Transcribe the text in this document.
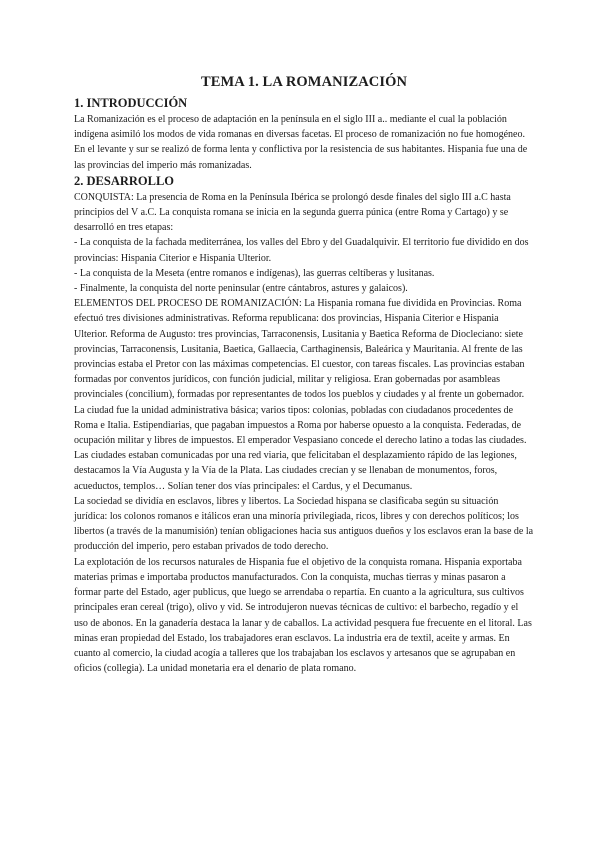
TEMA 1. LA ROMANIZACIÓN
1. INTRODUCCIÓN

La Romanización es el proceso de adaptación en la península en el siglo III a.. mediante el cual la población indígena asimiló los modos de vida romanas en diversas facetas. El proceso de romanización no fue homogéneo. En el levante y sur se realizó de forma lenta y conflictiva por la resistencia de sus habitantes. Hispania fue una de las provincias del imperio más romanizadas.

2. DESARROLLO

CONQUISTA: La presencia de Roma en la Península Ibérica se prolongó desde finales del siglo III a.C hasta principios del V a.C. La conquista romana se inicia en la segunda guerra púnica (entre Roma y Cartago) y se desarrolló en tres etapas:

- La conquista de la fachada mediterránea, los valles del Ebro y del Guadalquivir. El territorio fue dividido en dos provincias: Hispania Citerior e Hispania Ulterior.

- La conquista de la Meseta (entre romanos e indígenas), las guerras celtíberas y lusitanas.

- Finalmente, la conquista del norte peninsular (entre cántabros, astures y galaicos).

ELEMENTOS DEL PROCESO DE ROMANIZACIÓN: La Hispania romana fue dividida en Provincias. Roma efectuó tres divisiones administrativas. Reforma republicana: dos provincias, Hispania Citerior e Hispania Ulterior. Reforma de Augusto: tres provincias, Tarraconensis, Lusitania y Baetica Reforma de Diocleciano: siete provincias, Tarraconensis, Lusitania, Baetica, Gallaecia, Carthaginensis, Baleárica y Mauritania. Al frente de las provincias estaba el Pretor con las máximas competencias. El cuestor, con tareas fiscales. Las provincias estaban formadas por conventos jurídicos, con función judicial, militar y religiosa. Eran gobernadas por asambleas provinciales (concilium), formadas por representantes de todos los pueblos y ciudades y al frente un gobernador. La ciudad fue la unidad administrativa básica; varios tipos: colonias, pobladas con ciudadanos procedentes de Roma e Italia. Estipendiarias, que pagaban impuestos a Roma por haberse opuesto a la conquista. Federadas, de ocupación militar y libres de impuestos. El emperador Vespasiano concede el derecho latino a todas las ciudades. Las ciudades estaban comunicadas por una red viaria, que felicitaban el desplazamiento rápido de las legiones, destacamos la Vía Augusta y la Vía de la Plata. Las ciudades crecían y se llenaban de monumentos, foros, acueductos, templos… Solían tener dos vías principales: el Cardus, y el Decumanus.

La sociedad se dividía en esclavos, libres y libertos. La Sociedad hispana se clasificaba según su situación jurídica: los colonos romanos e itálicos eran una minoría privilegiada, ricos, libres y con derechos políticos; los libertos (a través de la manumisión) tenían obligaciones hacia sus antiguos dueños y los esclavos eran la base de la producción del imperio, pero estaban privados de todo derecho.

La explotación de los recursos naturales de Hispania fue el objetivo de la conquista romana. Hispania exportaba materias primas e importaba productos manufacturados. Con la conquista, muchas tierras y minas pasaron a formar parte del Estado, ager publicus, que luego se arrendaba o repartía. En cuanto a la agricultura, sus cultivos principales eran cereal (trigo), olivo y vid. Se introdujeron nuevas técnicas de cultivo: el barbecho, regadío y el uso de abonos. En la ganadería destaca la lanar y de caballos. La actividad pesquera fue frecuente en el litoral. Las minas eran propiedad del Estado, los trabajadores eran esclavos. La industria era de textil, aceite y armas. En cuanto al comercio, la ciudad acogía a talleres que los trabajaban los esclavos y artesanos que se agrupaban en oficios (collegia). La unidad monetaria era el denario de plata romano.
